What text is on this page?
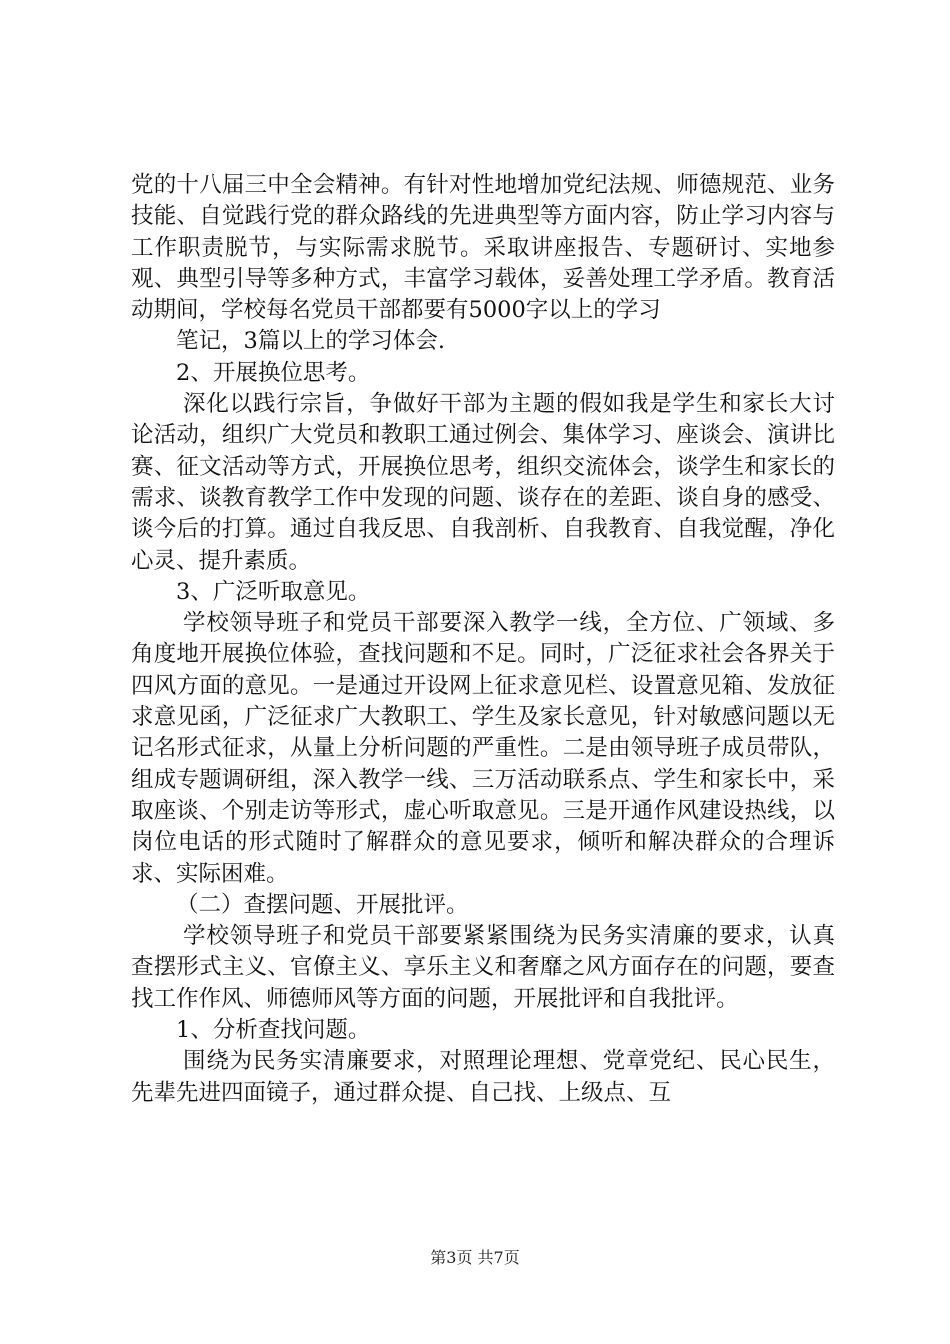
党的十八届三中全会精神。有针对性地增加党纪法规、师德规范、业务技能、自觉践行党的群众路线的先进典型等方面内容，防止学习内容与工作职责脱节，与实际需求脱节。采取讲座报告、专题研讨、实地参观、典型引导等多种方式，丰富学习载体，妥善处理工学矛盾。教育活动期间，学校每名党员干部都要有5000字以上的学习

笔记，3篇以上的学习体会.

2、开展换位思考。

深化以践行宗旨，争做好干部为主题的假如我是学生和家长大讨论活动，组织广大党员和教职工通过例会、集体学习、座谈会、演讲比赛、征文活动等方式，开展换位思考，组织交流体会，谈学生和家长的需求、谈教育教学工作中发现的问题、谈存在的差距、谈自身的感受、谈今后的打算。通过自我反思、自我剖析、自我教育、自我觉醒，净化心灵、提升素质。

3、广泛听取意见。

学校领导班子和党员干部要深入教学一线，全方位、广领域、多角度地开展换位体验，查找问题和不足。同时，广泛征求社会各界关于四风方面的意见。一是通过开设网上征求意见栏、设置意见箱、发放征求意见函，广泛征求广大教职工、学生及家长意见，针对敏感问题以无记名形式征求，从量上分析问题的严重性。二是由领导班子成员带队，组成专题调研组，深入教学一线、三万活动联系点、学生和家长中，采取座谈、个别走访等形式，虚心听取意见。三是开通作风建设热线，以岗位电话的形式随时了解群众的意见要求，倾听和解决群众的合理诉求、实际困难。

（二）查摆问题、开展批评。

学校领导班子和党员干部要紧紧围绕为民务实清廉的要求，认真查摆形式主义、官僚主义、享乐主义和奢靡之风方面存在的问题，要查找工作作风、师德师风等方面的问题，开展批评和自我批评。

1、分析查找问题。

围绕为民务实清廉要求，对照理论理想、党章党纪、民心民生，先辈先进四面镜子，通过群众提、自己找、上级点、互

第3页 共7页
